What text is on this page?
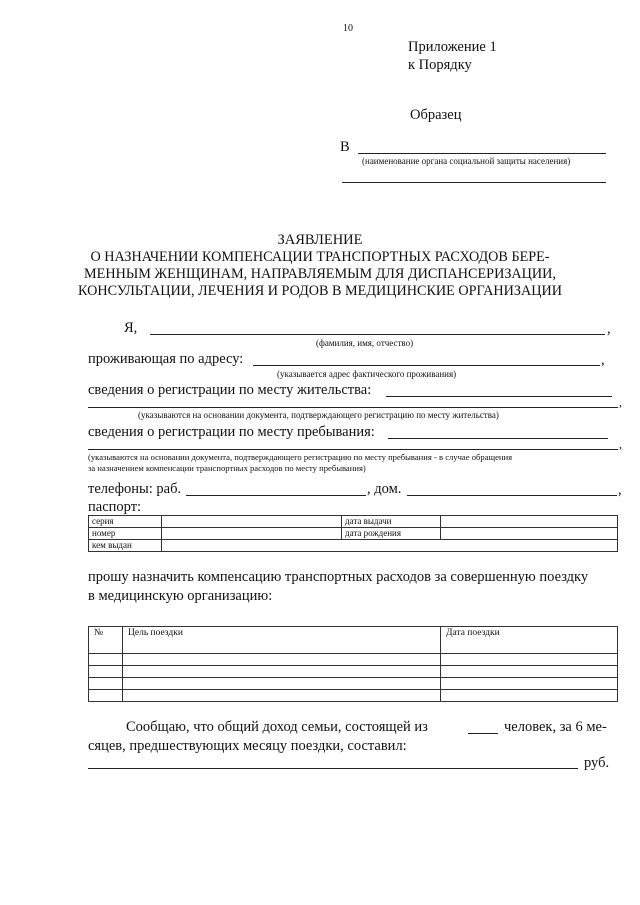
10
Приложение 1
к Порядку
Образец
В
(наименование органа социальной защиты населения)
ЗАЯВЛЕНИЕ
О НАЗНАЧЕНИИ КОМПЕНСАЦИИ ТРАНСПОРТНЫХ РАСХОДОВ БЕРЕ-
МЕННЫМ ЖЕНЩИНАМ, НАПРАВЛЯЕМЫМ ДЛЯ ДИСПАНСЕРИЗАЦИИ,
КОНСУЛЬТАЦИИ, ЛЕЧЕНИЯ И РОДОВ В МЕДИЦИНСКИЕ ОРГАНИЗАЦИИ
Я,	,
(фамилия, имя, отчество)
проживающая по адресу:	,
(указывается адрес фактического проживания)
сведения о регистрации по месту жительства:
,
(указываются на основании документа, подтверждающего регистрацию по месту жительства)
сведения о регистрации по месту пребывания:
,
(указываются на основании документа, подтверждающего регистрацию по месту пребывания - в случае обращения
за назначением компенсации транспортных расходов по месту пребывания)
телефоны: раб.	, дом.	,
паспорт:
серия		дата выдачи	
номер		дата рождения	
кем выдан			
прошу назначить компенсацию транспортных расходов за совершенную поездку
в медицинскую организацию:
№	Цель поездки	Дата поездки

Сообщаю, что общий доход семьи, состоящей из	человек, за 6 ме-
сяцев, предшествующих месяцу поездки, составил:
руб.
